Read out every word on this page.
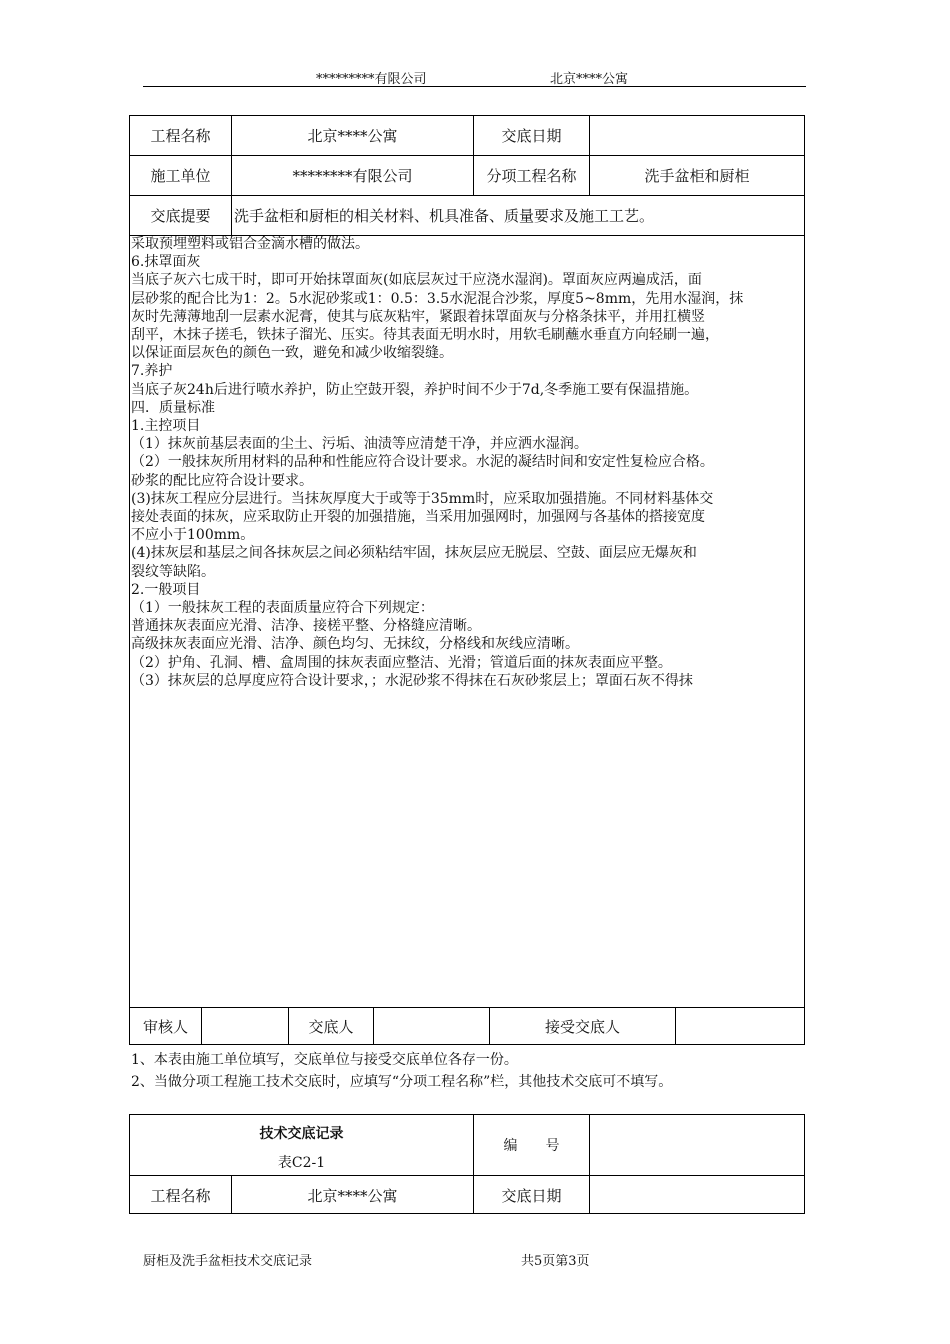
*********有限公司	北京****公寓
工程名称	北京****公寓	交底日期
施工单位	********有限公司	分项工程名称	洗手盆柜和厨柜
交底提要	洗手盆柜和厨柜的相关材料、机具准备、质量要求及施工工艺。
采取预埋塑料或铝合金滴水槽的做法。
6.抹罩面灰
当底子灰六七成干时，即可开始抹罩面灰(如底层灰过干应浇水湿润)。罩面灰应两遍成活，面
层砂浆的配合比为1：2。5水泥砂浆或1：0.5：3.5水泥混合沙浆，厚度5~8mm，先用水湿润，抹
灰时先薄薄地刮一层素水泥膏，使其与底灰粘牢，紧跟着抹罩面灰与分格条抹平，并用扛横竖
刮平，木抹子搓毛，铁抹子溜光、压实。待其表面无明水时，用软毛刷蘸水垂直方向轻刷一遍，
以保证面层灰色的颜色一致，避免和减少收缩裂缝。
7.养护
当底子灰24h后进行喷水养护，防止空鼓开裂，养护时间不少于7d,冬季施工要有保温措施。
四．质量标准
1.主控项目
（1）抹灰前基层表面的尘土、污垢、油渍等应清楚干净，并应洒水湿润。
（2）一般抹灰所用材料的品种和性能应符合设计要求。水泥的凝结时间和安定性复检应合格。
砂浆的配比应符合设计要求。
(3)抹灰工程应分层进行。当抹灰厚度大于或等于35mm时，应采取加强措施。不同材料基体交
接处表面的抹灰，应采取防止开裂的加强措施，当采用加强网时，加强网与各基体的搭接宽度
不应小于100mm。
(4)抹灰层和基层之间各抹灰层之间必须粘结牢固，抹灰层应无脱层、空鼓、面层应无爆灰和
裂纹等缺陷。
2.一般项目
（1）一般抹灰工程的表面质量应符合下列规定：
普通抹灰表面应光滑、洁净、接槎平整、分格缝应清晰。
高级抹灰表面应光滑、洁净、颜色均匀、无抹纹，分格线和灰线应清晰。
（2）护角、孔洞、槽、盒周围的抹灰表面应整洁、光滑；管道后面的抹灰表面应平整。
（3）抹灰层的总厚度应符合设计要求，；水泥砂浆不得抹在石灰砂浆层上；罩面石灰不得抹
审核人	交底人	接受交底人
1、本表由施工单位填写，交底单位与接受交底单位各存一份。
2、当做分项工程施工技术交底时，应填写“分项工程名称”栏，其他技术交底可不填写。
技术交底记录
表C2-1
编　　号
工程名称	北京****公寓	交底日期
厨柜及洗手盆柜技术交底记录	共5页第3页
